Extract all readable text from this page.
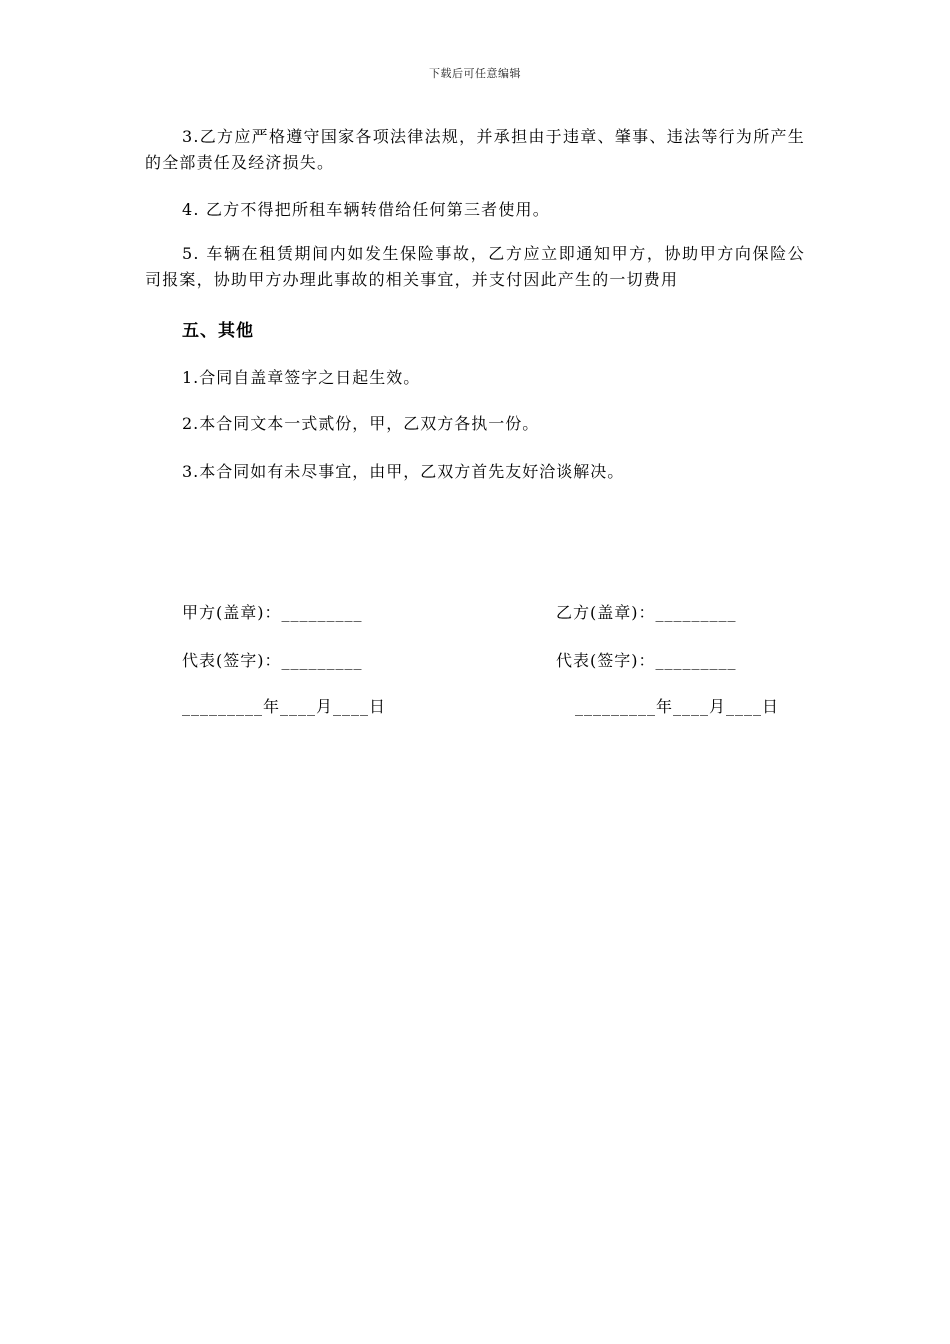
下载后可任意编辑
3.乙方应严格遵守国家各项法律法规，并承担由于违章、肇事、违法等行为所产生的全部责任及经济损失。
4. 乙方不得把所租车辆转借给任何第三者使用。
5. 车辆在租赁期间内如发生保险事故，乙方应立即通知甲方，协助甲方向保险公司报案，协助甲方办理此事故的相关事宜，并支付因此产生的一切费用
五、其他
1.合同自盖章签字之日起生效。
2.本合同文本一式贰份，甲，乙双方各执一份。
3.本合同如有未尽事宜，由甲，乙双方首先友好洽谈解决。
甲方(盖章)：_________	乙方(盖章)：_________
代表(签字)：_________	代表(签字)：_________
_________年____月____日	_________年____月____日
